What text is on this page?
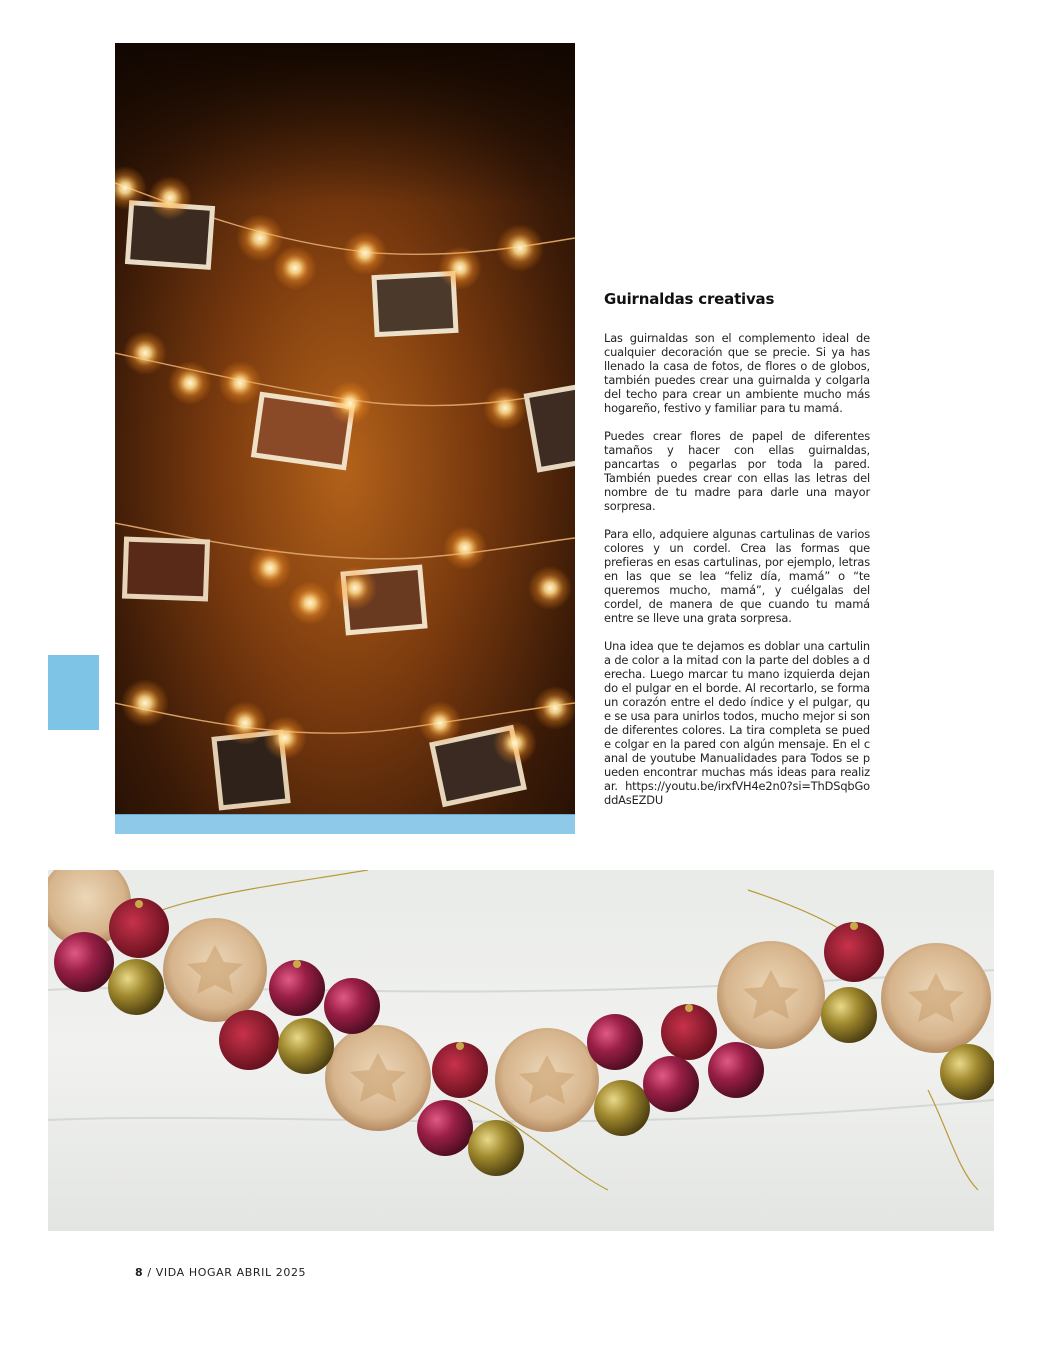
Guirnaldas creativas

Las guirnaldas son el complemento ideal de cualquier decoración que se precie. Si ya has llenado la casa de fotos, de flores o de globos, también puedes crear una guirnalda y colgarla del techo para crear un ambiente mucho más hogareño, festivo y familiar para tu mamá.

Puedes crear flores de papel de diferentes tamaños y hacer con ellas guirnaldas, pancartas o pegarlas por toda la pared. También puedes crear con ellas las letras del nombre de tu madre para darle una mayor sorpresa.

Para ello, adquiere algunas cartulinas de varios colores y un cordel. Crea las formas que prefieras en esas cartulinas, por ejemplo, letras en las que se lea “feliz día, mamá” o “te queremos mucho, mamá”, y cuélgalas del cordel, de manera de que cuando tu mamá entre se lleve una grata sorpresa.

Una idea que te dejamos es doblar una cartulina de color a la mitad con la parte del dobles a derecha. Luego marcar tu mano izquierda dejando el pulgar en el borde. Al recortarlo, se forma un corazón entre el dedo índice y el pulgar, que se usa para unirlos todos, mucho mejor si son de diferentes colores. La tira completa se puede colgar en la pared con algún mensaje. En el canal de youtube Manualidades para Todos se pueden encontrar muchas más ideas para realizar. https://youtu.be/irxfVH4e2n0?si=ThDSqbGoddAsEZDU

8 / VIDA HOGAR ABRIL 2025
